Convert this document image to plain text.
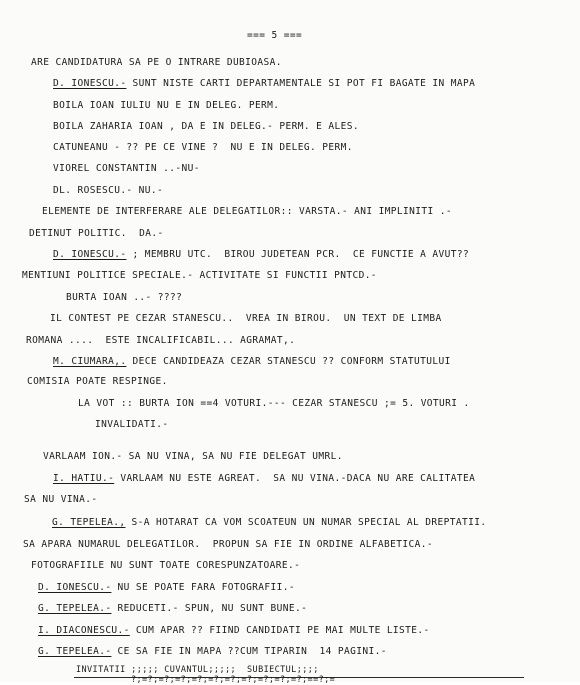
=== 5 ===
ARE CANDIDATURA SA PE O INTRARE DUBIOASA.
D. IONESCU.- SUNT NISTE CARTI DEPARTAMENTALE SI POT FI BAGATE IN MAPA
BOILA IOAN IULIU NU E IN DELEG. PERM.
BOILA ZAHARIA IOAN , DA E IN DELEG.- PERM. E ALES.
CATUNEANU - ?? PE CE VINE ?  NU E IN DELEG. PERM.
VIOREL CONSTANTIN ..-NU-
DL. ROSESCU.- NU.-
ELEMENTE DE INTERFERARE ALE DELEGATILOR:: VARSTA.- ANI IMPLINITI .-
DETINUT POLITIC.  DA.-
D. IONESCU.- ; MEMBRU UTC.  BIROU JUDETEAN PCR.  CE FUNCTIE A AVUT??
MENTIUNI POLITICE SPECIALE.- ACTIVITATE SI FUNCTII PNTCD.-
BURTA IOAN ..- ????
IL CONTEST PE CEZAR STANESCU..  VREA IN BIROU.  UN TEXT DE LIMBA
ROMANA ....  ESTE INCALIFICABIL... AGRAMAT,.
M. CIUMARA,. DECE CANDIDEAZA CEZAR STANESCU ?? CONFORM STATUTULUI
COMISIA POATE RESPINGE.
LA VOT :: BURTA ION ==4 VOTURI.--- CEZAR STANESCU ;= 5. VOTURI .
INVALIDATI.-
VARLAAM ION.- SA NU VINA, SA NU FIE DELEGAT UMRL.
I. HATIU.- VARLAAM NU ESTE AGREAT.  SA NU VINA.-DACA NU ARE CALITATEA
SA NU VINA.-
G. TEPELEA., S-A HOTARAT CA VOM SCOATEUN UN NUMAR SPECIAL AL DREPTATII.
SA APARA NUMARUL DELEGATILOR.  PROPUN SA FIE IN ORDINE ALFABETICA.-
FOTOGRAFIILE NU SUNT TOATE CORESPUNZATOARE.-
D. IONESCU.- NU SE POATE FARA FOTOGRAFII.-
G. TEPELEA.- REDUCETI.- SPUN, NU SUNT BUNE.-
I. DIACONESCU.- CUM APAR ?? FIIND CANDIDATI PE MAI MULTE LISTE.-
G. TEPELEA.- CE SA FIE IN MAPA ??CUM TIPARIN  14 PAGINI.-
INVITATII ;;;;; CUVANTUL;;;;;  SUBIECTUL;;;;
?;=?;=?;=?;=?;=?;=?;=?;=?;=?;=?;==?;=
